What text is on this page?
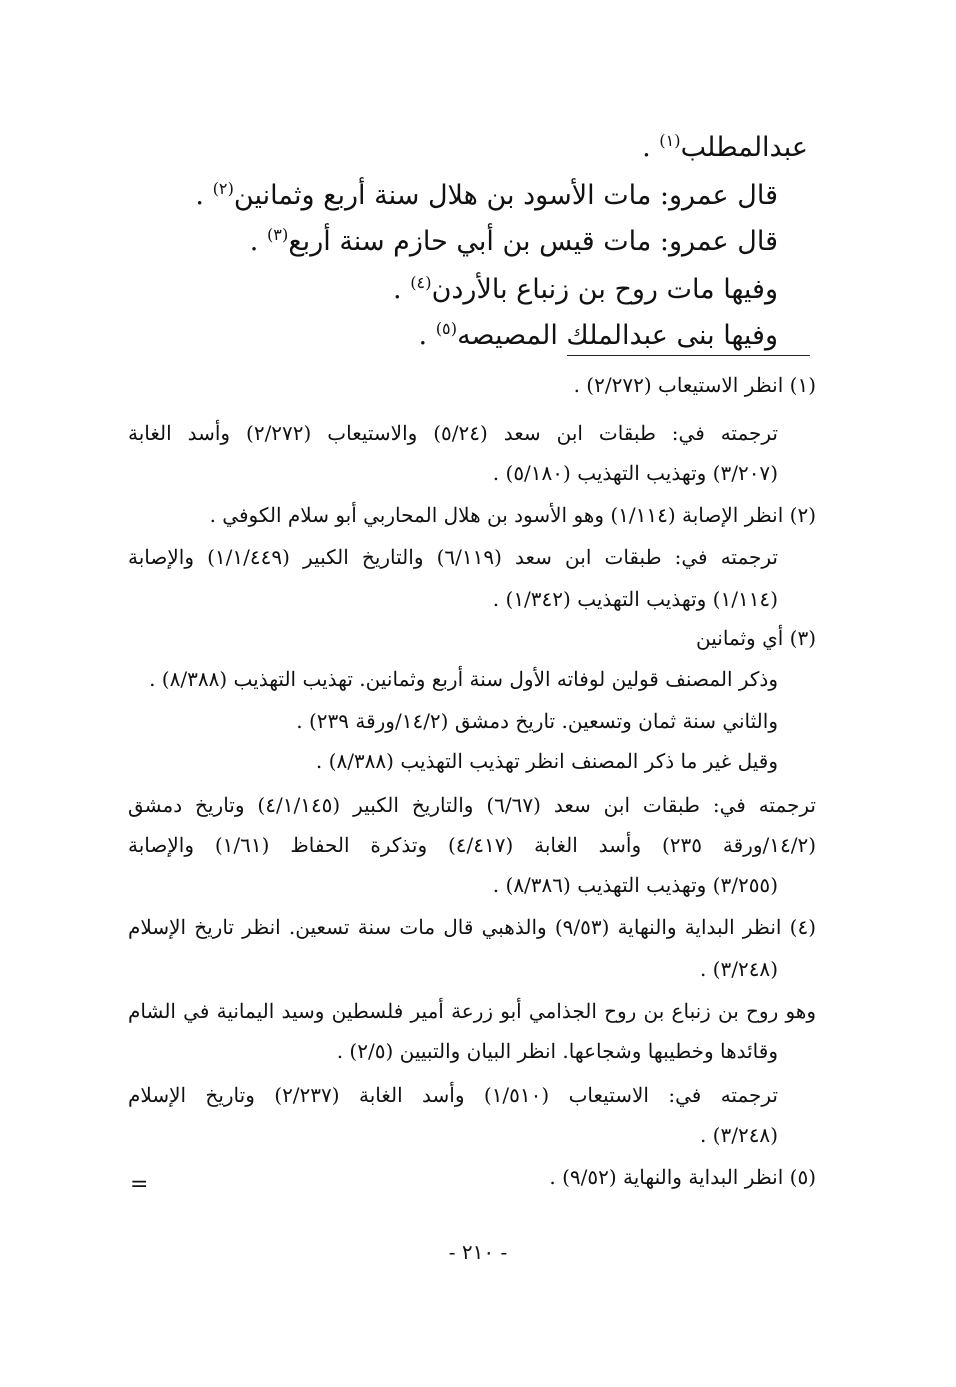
عبدالمطلب$^{(١)}$ .
قال عمرو: مات الأسود بن هلال سنة أربع وثمانين$^{(٢)}$ .
قال عمرو: مات قيس بن أبي حازم سنة أربع$^{(٣)}$ .
وفيها مات روح بن زنباع بالأردن$^{(٤)}$ .
وفيها بنى عبدالملك المصيصه$^{(٥)}$ .
(١) انظر الاستيعاب (٢/٢٧٢) .
ترجمته في: طبقات ابن سعد (٥/٢٤) والاستيعاب (٢/٢٧٢) وأسد الغابة
(٣/٢٠٧) وتهذيب التهذيب (٥/١٨٠) .
(٢) انظر الإصابة (١/١١٤) وهو الأسود بن هلال المحاربي أبو سلام الكوفي .
ترجمته في: طبقات ابن سعد (٦/١١٩) والتاريخ الكبير (١/١/٤٤٩) والإصابة
(١/١١٤) وتهذيب التهذيب (١/٣٤٢) .
(٣) أي وثمانين
وذكر المصنف قولين لوفاته الأول سنة أربع وثمانين. تهذيب التهذيب (٨/٣٨٨) .
والثاني سنة ثمان وتسعين. تاريخ دمشق (١٤/٢/ورقة ٢٣٩) .
وقيل غير ما ذكر المصنف انظر تهذيب التهذيب (٨/٣٨٨) .
ترجمته في: طبقات ابن سعد (٦/٦٧) والتاريخ الكبير (٤/١/١٤٥) وتاريخ دمشق
(١٤/٢/ورقة ٢٣٥) وأسد الغابة (٤/٤١٧) وتذكرة الحفاظ (١/٦١) والإصابة
(٣/٢٥٥) وتهذيب التهذيب (٨/٣٨٦) .
(٤) انظر البداية والنهاية (٩/٥٣) والذهبي قال مات سنة تسعين. انظر تاريخ الإسلام
(٣/٢٤٨) .
وهو روح بن زنباع بن روح الجذامي أبو زرعة أمير فلسطين وسيد اليمانية في الشام
وقائدها وخطيبها وشجاعها. انظر البيان والتبيين (٢/٥) .
ترجمته في: الاستيعاب (١/٥١٠) وأسد الغابة (٢/٢٣٧) وتاريخ الإسلام
(٣/٢٤٨) .
(٥) انظر البداية والنهاية (٩/٥٢) .
=
- ٢١٠ -
